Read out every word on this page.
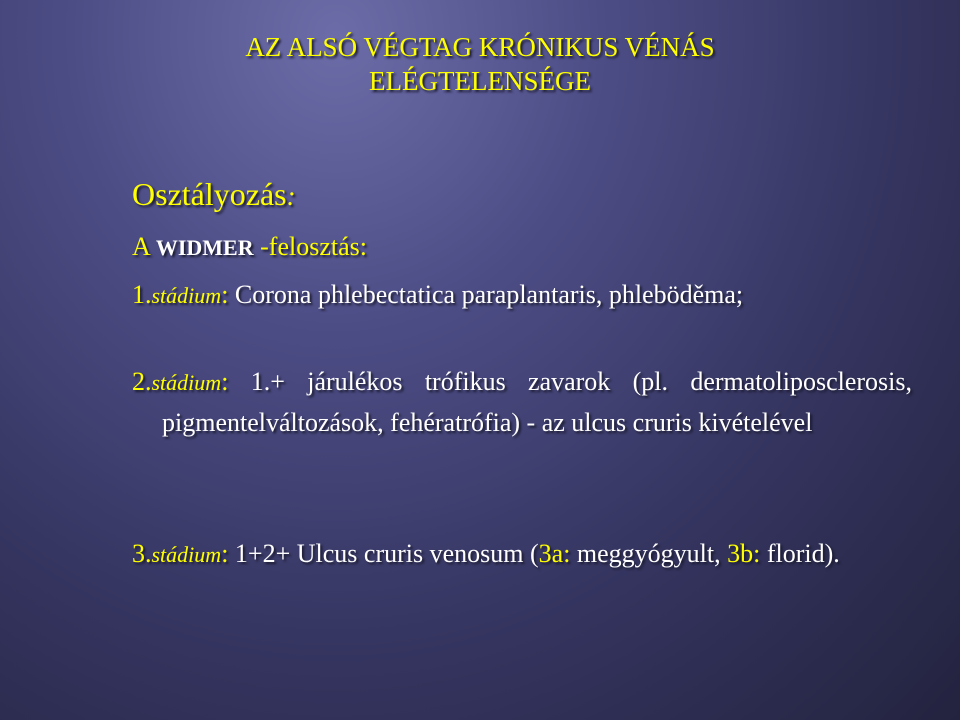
AZ ALSÓ VÉGTAG KRÓNIKUS VÉNÁS
ELÉGTELENSÉGE
Osztályozás:
A WIDMER -felosztás:
1.stádium: Corona phlebectatica paraplantaris, phleböděma;
2.stádium: 1.+ járulékos trófikus zavarok (pl. dermatoliposclerosis, pigmentelváltozások, fehératrófia) - az ulcus cruris kivételével
3.stádium: 1+2+ Ulcus cruris venosum (3a: meggyógyult, 3b: florid).
